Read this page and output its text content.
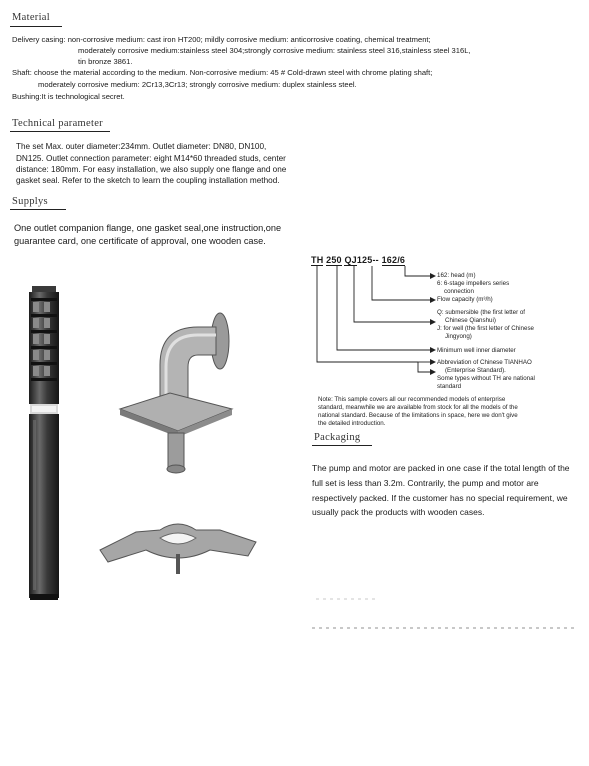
Material
Delivery casing: non-corrosive medium: cast iron HT200; mildly corrosive medium: anticorrosive coating, chemical treatment;
moderately corrosive medium:stainless steel 304;strongly corrosive medium: stainless steel 316,stainless steel 316L,
tin bronze 3861.
Shaft: choose the material according to the medium. Non-corrosive medium: 45 # Cold-drawn steel with chrome plating shaft;
moderately corrosive medium: 2Cr13,3Cr13; strongly corrosive medium: duplex stainless steel.
Bushing:It is technological secret.
Technical parameter
The set Max. outer diameter:234mm. Outlet diameter: DN80, DN100,
DN125. Outlet connection parameter: eight M14*60 threaded studs, center
distance: 180mm. For easy installation, we also supply one flange and one
gasket seal. Refer to the sketch to learn the coupling installation method.
Supplys
One outlet companion flange, one gasket seal,one instruction,one
guarantee card, one certificate of approval, one wooden case.
TH 250 QJ125-- 162/6
162: head (m)
6: 6-stage impellers series
connection
Flow capacity (m³/h)
Q: submersible (the first letter of
Chinese Qianshui)
J: for well (the first letter of Chinese
Jingyong)
Minimum well inner diameter
Abbreviation of Chinese TIANHAO
(Enterprise Standard).
Some types without TH are national
standard
Note: This sample covers all our recommended models of enterprise
standard, meanwhile we are available from stock for all the models of the
national standard. Because of the limitations in space, here we don't give
the detailed introduction.
Packaging
The pump and motor are packed in one case if the total length of the
full set is less than 3.2m. Contrarily, the pump and motor are
respectively packed. If the customer has no special requirement, we
usually pack the products with wooden cases.
